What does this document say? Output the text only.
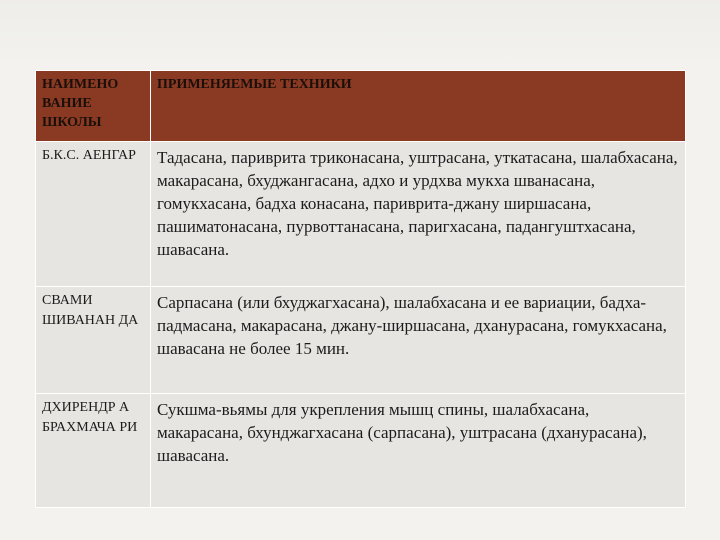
НАИМЕНО ВАНИЕ ШКОЛЫ	ПРИМЕНЯЕМЫЕ ТЕХНИКИ
Б.К.С. АЕНГАР	Тадасана, паривритa триконасана, уштрасана, уткатасана, шалабхасана, макарасана, бхуджангасана, адхо и урдхва мукха шванасана, гомукхасана, бадха конасана, паривритa-джану ширшасана, пашиматонасана, пурвоттанасана, паригхасана, падангуштхасана, шавасана.
СВАМИ ШИВАНАН ДА	Сарпасана (или бхуджагхасана), шалабхасана и ее вариации, бадха-падмасана, макарасана, джану-ширшасана, дханурасана, гомукхасана, шавасана не более 15 мин.
ДХИРЕНДР А БРАХМАЧА РИ	Сукшма-вьямы для укрепления мышц спины, шалабхасана, макарасана, бхунджагхасана (сарпасана), уштрасана (дханурасана), шавасана.
